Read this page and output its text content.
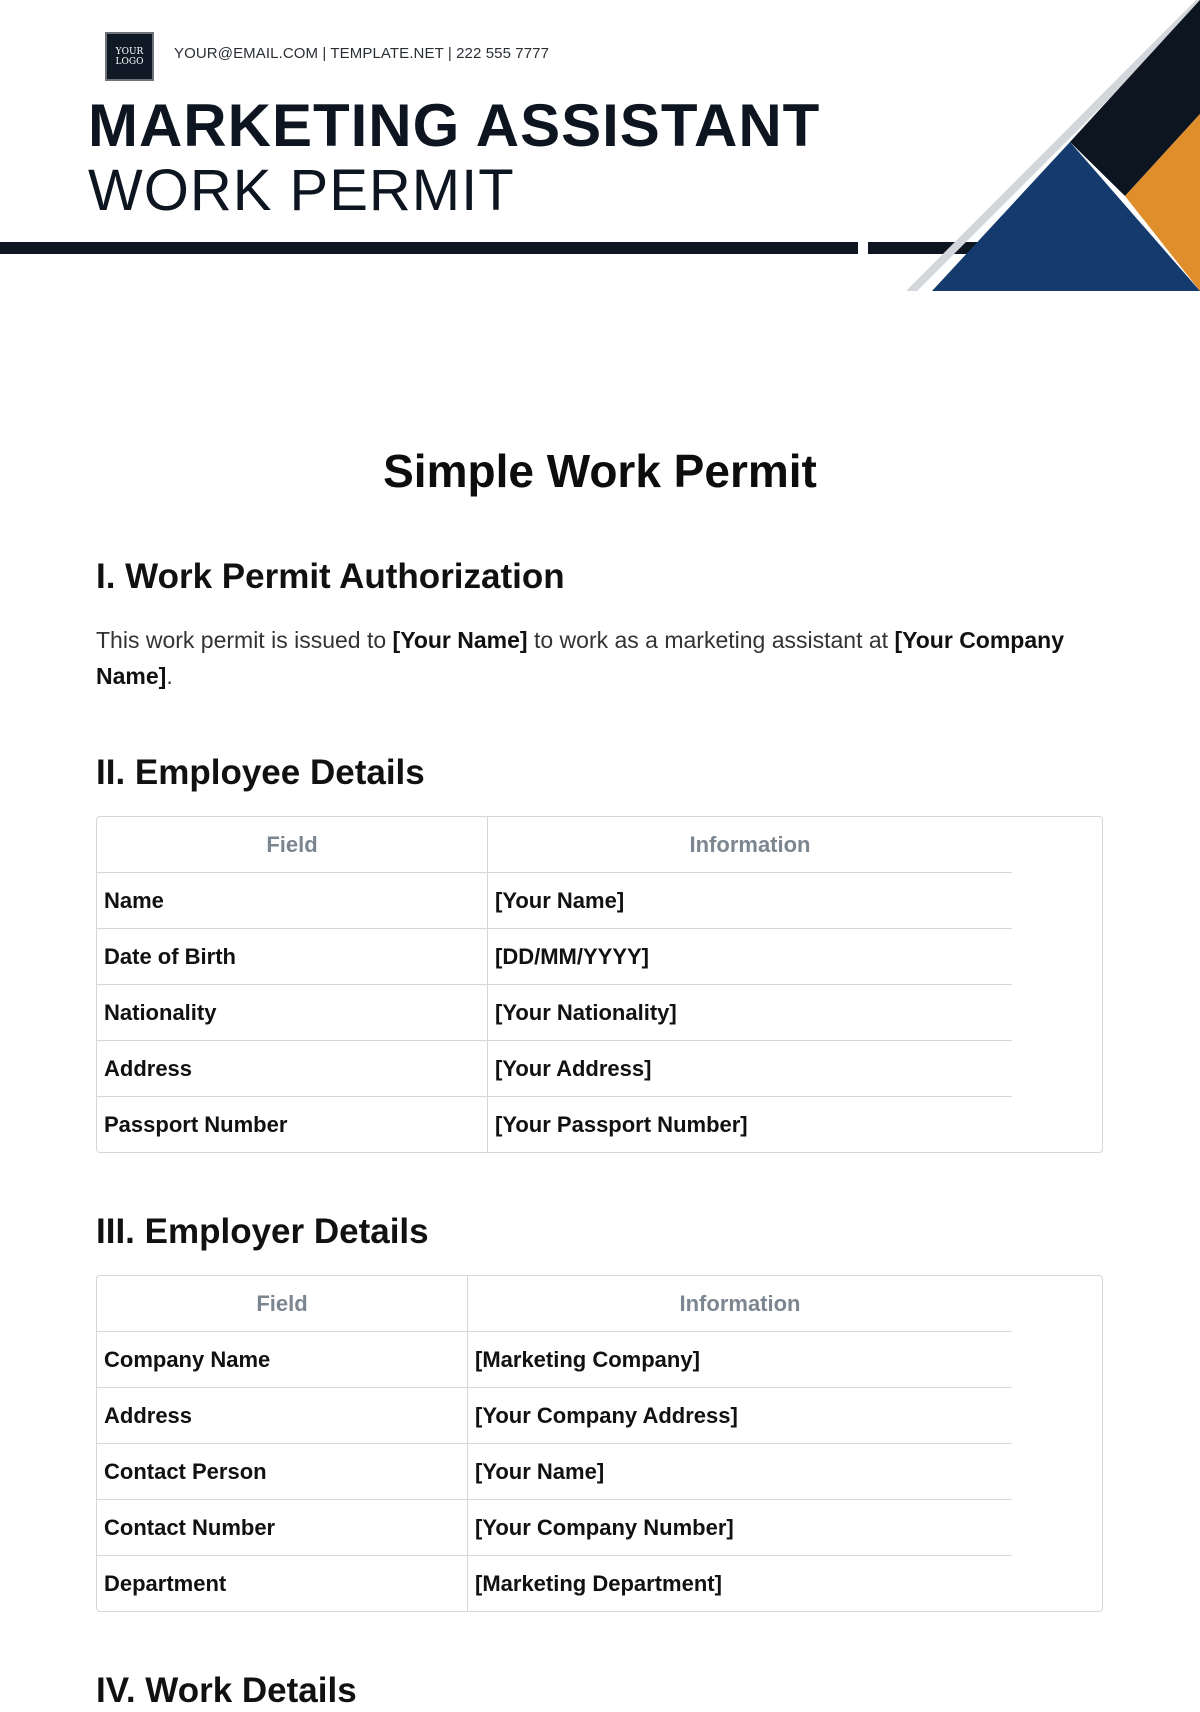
YOUR LOGO	YOUR@EMAIL.COM | TEMPLATE.NET | 222 555 7777
MARKETING ASSISTANT
WORK PERMIT
Simple Work Permit
I. Work Permit Authorization

This work permit is issued to [Your Name] to work as a marketing assistant at [Your Company Name].

II. Employee Details
Field	Information
Name	[Your Name]
Date of Birth	[DD/MM/YYYY]
Nationality	[Your Nationality]
Address	[Your Address]
Passport Number	[Your Passport Number]
III. Employer Details
Field	Information
Company Name	[Marketing Company]
Address	[Your Company Address]
Contact Person	[Your Name]
Contact Number	[Your Company Number]
Department	[Marketing Department]
IV. Work Details
